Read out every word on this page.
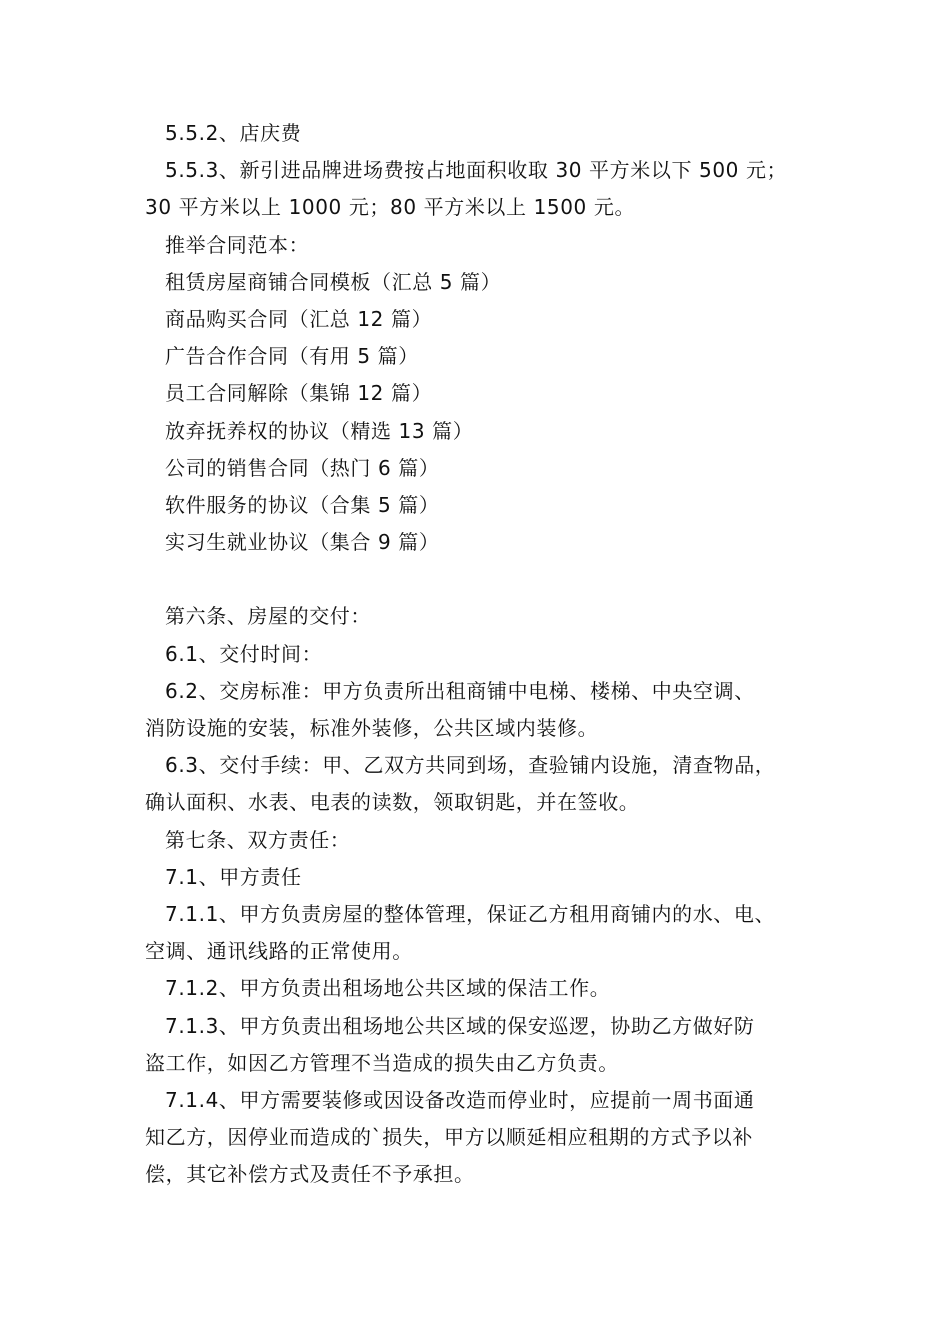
5.5.2、店庆费
5.5.3、新引进品牌进场费按占地面积收取 30 平方米以下 500 元；
30 平方米以上 1000 元；80 平方米以上 1500 元。
推举合同范本：
租赁房屋商铺合同模板（汇总 5 篇）
商品购买合同（汇总 12 篇）
广告合作合同（有用 5 篇）
员工合同解除（集锦 12 篇）
放弃抚养权的协议（精选 13 篇）
公司的销售合同（热门 6 篇）
软件服务的协议（合集 5 篇）
实习生就业协议（集合 9 篇）
第六条、房屋的交付：
6.1、交付时间：
6.2、交房标准：甲方负责所出租商铺中电梯、楼梯、中央空调、
消防设施的安装，标准外装修，公共区域内装修。
6.3、交付手续：甲、乙双方共同到场，查验铺内设施，清查物品，
确认面积、水表、电表的读数，领取钥匙，并在签收。
第七条、双方责任：
7.1、甲方责任
7.1.1、甲方负责房屋的整体管理，保证乙方租用商铺内的水、电、
空调、通讯线路的正常使用。
7.1.2、甲方负责出租场地公共区域的保洁工作。
7.1.3、甲方负责出租场地公共区域的保安巡逻，协助乙方做好防
盗工作，如因乙方管理不当造成的损失由乙方负责。
7.1.4、甲方需要装修或因设备改造而停业时，应提前一周书面通
知乙方，因停业而造成的`损失，甲方以顺延相应租期的方式予以补
偿，其它补偿方式及责任不予承担。
